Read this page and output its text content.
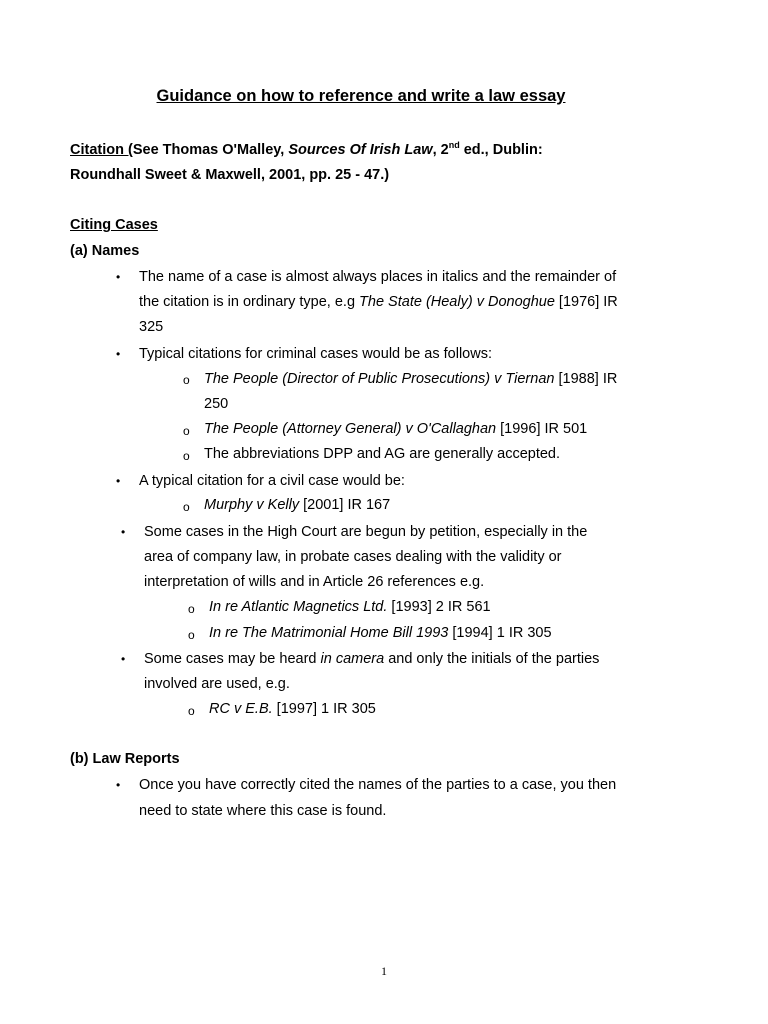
Guidance on how to reference and write a law essay
Citation (See Thomas O'Malley, Sources Of Irish Law, 2nd ed., Dublin:
Roundhall Sweet & Maxwell, 2001, pp. 25 - 47.)
Citing Cases
(a) Names
• The name of a case is almost always places in italics and the remainder of
the citation is in ordinary type, e.g The State (Healy) v Donoghue [1976] IR
325
• Typical citations for criminal cases would be as follows:
o The People (Director of Public Prosecutions) v Tiernan [1988] IR
250
o The People (Attorney General) v O'Callaghan [1996] IR 501
o The abbreviations DPP and AG are generally accepted.
• A typical citation for a civil case would be:
o Murphy v Kelly [2001] IR 167
• Some cases in the High Court are begun by petition, especially in the
area of company law, in probate cases dealing with the validity or
interpretation of wills and in Article 26 references e.g.
o In re Atlantic Magnetics Ltd. [1993] 2 IR 561
o In re The Matrimonial Home Bill 1993 [1994] 1 IR 305
• Some cases may be heard in camera and only the initials of the parties
involved are used, e.g.
o RC v E.B. [1997] 1 IR 305
(b) Law Reports
• Once you have correctly cited the names of the parties to a case, you then
need to state where this case is found.
1
